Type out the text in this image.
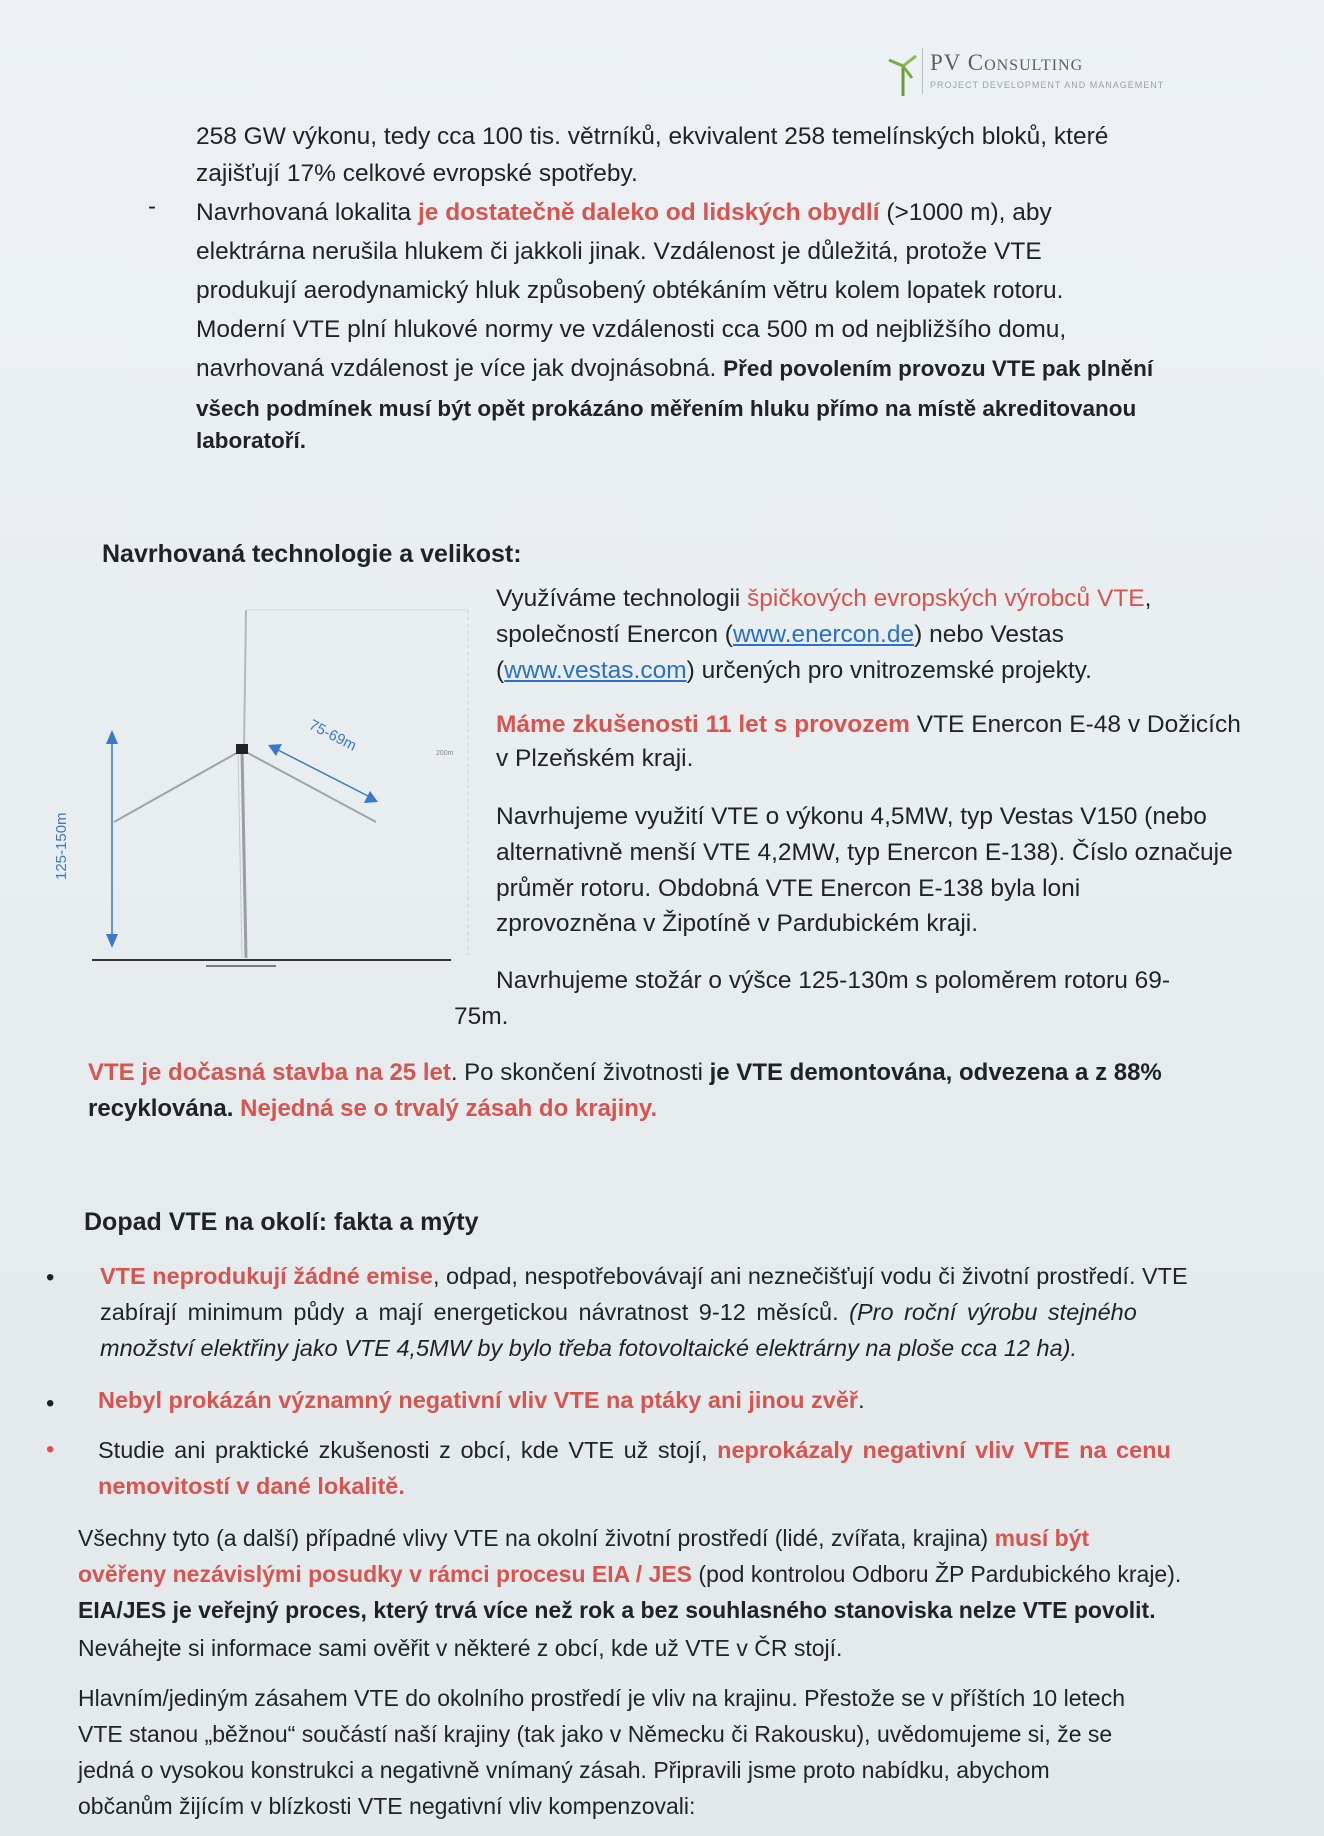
PV Consulting
PROJECT DEVELOPMENT AND MANAGEMENT
258 GW výkonu, tedy cca 100 tis. větrníků, ekvivalent 258 temelínských bloků, které
zajišťují 17% celkové evropské spotřeby.
- Navrhovaná lokalita je dostatečně daleko od lidských obydlí (>1000 m), aby
elektrárna nerušila hlukem či jakkoli jinak. Vzdálenost je důležitá, protože VTE
produkují aerodynamický hluk způsobený obtékáním větru kolem lopatek rotoru.
Moderní VTE plní hlukové normy ve vzdálenosti cca 500 m od nejbližšího domu,
navrhovaná vzdálenost je více jak dvojnásobná. Před povolením provozu VTE pak plnění
všech podmínek musí být opět prokázáno měřením hluku přímo na místě akreditovanou
laboratoří.
Navrhovaná technologie a velikost:
125-150m
75-69m	200m
Využíváme technologii špičkových evropských výrobců VTE,
společností Enercon (www.enercon.de) nebo Vestas
(www.vestas.com) určených pro vnitrozemské projekty.
Máme zkušenosti 11 let s provozem VTE Enercon E-48 v Dožicích
v Plzeňském kraji.
Navrhujeme využití VTE o výkonu 4,5MW, typ Vestas V150 (nebo
alternativně menší VTE 4,2MW, typ Enercon E-138). Číslo označuje
průměr rotoru. Obdobná VTE Enercon E-138 byla loni
zprovozněna v Žipotíně v Pardubickém kraji.
Navrhujeme stožár o výšce 125-130m s poloměrem rotoru 69-
75m.
VTE je dočasná stavba na 25 let. Po skončení životnosti je VTE demontována, odvezena a z 88%
recyklována. Nejedná se o trvalý zásah do krajiny.
Dopad VTE na okolí: fakta a mýty
• VTE neprodukují žádné emise, odpad, nespotřebovávají ani neznečišťují vodu či životní prostředí. VTE
zabírají minimum půdy a mají energetickou návratnost 9-12 měsíců. (Pro roční výrobu stejného
množství elektřiny jako VTE 4,5MW by bylo třeba fotovoltaické elektrárny na ploše cca 12 ha).
• Nebyl prokázán významný negativní vliv VTE na ptáky ani jinou zvěř.
• Studie ani praktické zkušenosti z obcí, kde VTE už stojí, neprokázaly negativní vliv VTE na cenu
nemovitostí v dané lokalitě.
Všechny tyto (a další) případné vlivy VTE na okolní životní prostředí (lidé, zvířata, krajina) musí být
ověřeny nezávislými posudky v rámci procesu EIA / JES (pod kontrolou Odboru ŽP Pardubického kraje).
EIA/JES je veřejný proces, který trvá více než rok a bez souhlasného stanoviska nelze VTE povolit.
Neváhejte si informace sami ověřit v některé z obcí, kde už VTE v ČR stojí.
Hlavním/jediným zásahem VTE do okolního prostředí je vliv na krajinu. Přestože se v příštích 10 letech
VTE stanou „běžnou“ součástí naší krajiny (tak jako v Německu či Rakousku), uvědomujeme si, že se
jedná o vysokou konstrukci a negativně vnímaný zásah. Připravili jsme proto nabídku, abychom
občanům žijícím v blízkosti VTE negativní vliv kompenzovali:
